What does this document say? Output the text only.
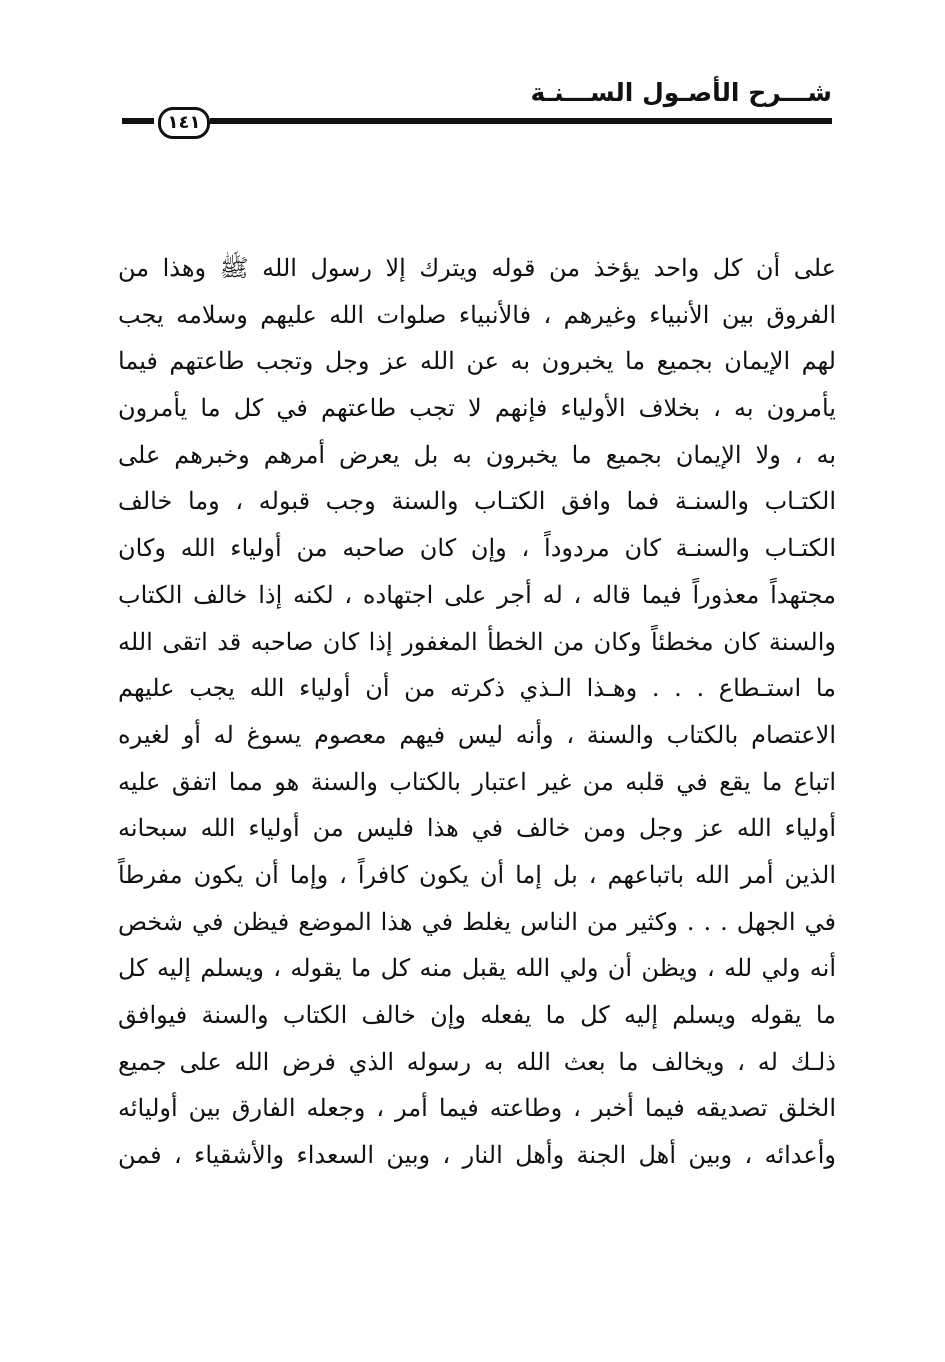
شـــرح الأصـول الســـنـة
١٤١
على أن كل واحد يؤخذ من قوله ويترك إلا رسول الله ﷺ وهذا من
الفروق بين الأنبياء وغيرهم ، فالأنبياء صلوات الله عليهم وسلامه يجب
لهم الإيمان بجميع ما يخبرون به عن الله عز وجل وتجب طاعتهم فيما
يأمرون به ، بخلاف الأولياء فإنهم لا تجب طاعتهم في كل ما يأمرون
به ، ولا الإيمان بجميع ما يخبرون به بل يعرض أمرهم وخبرهم على
الكتـاب والسنـة فما وافق الكتـاب والسنة وجب قبوله ، وما خالف
الكتـاب والسنـة كان مردوداً ، وإن كان صاحبه من أولياء الله وكان
مجتهداً معذوراً فيما قاله ، له أجر على اجتهاده ، لكنه إذا خالف الكتاب
والسنة كان مخطئاً وكان من الخطأ المغفور إذا كان صاحبه قد اتقى الله
ما استـطاع . . . وهـذا الـذي ذكرته من أن أولياء الله يجب عليهم
الاعتصام بالكتاب والسنة ، وأنه ليس فيهم معصوم يسوغ له أو لغيره
اتباع ما يقع في قلبه من غير اعتبار بالكتاب والسنة هو مما اتفق عليه
أولياء الله عز وجل ومن خالف في هذا فليس من أولياء الله سبحانه
الذين أمر الله باتباعهم ، بل إما أن يكون كافراً ، وإما أن يكون مفرطاً
في الجهل . . . وكثير من الناس يغلط في هذا الموضع فيظن في شخص
أنه ولي لله ، ويظن أن ولي الله يقبل منه كل ما يقوله ، ويسلم إليه كل
ما يقوله ويسلم إليه كل ما يفعله وإن خالف الكتاب والسنة فيوافق
ذلـك له ، ويخالف ما بعث الله به رسوله الذي فرض الله على جميع
الخلق تصديقه فيما أخبر ، وطاعته فيما أمر ، وجعله الفارق بين أوليائه
وأعدائه ، وبين أهل الجنة وأهل النار ، وبين السعداء والأشقياء ، فمن
